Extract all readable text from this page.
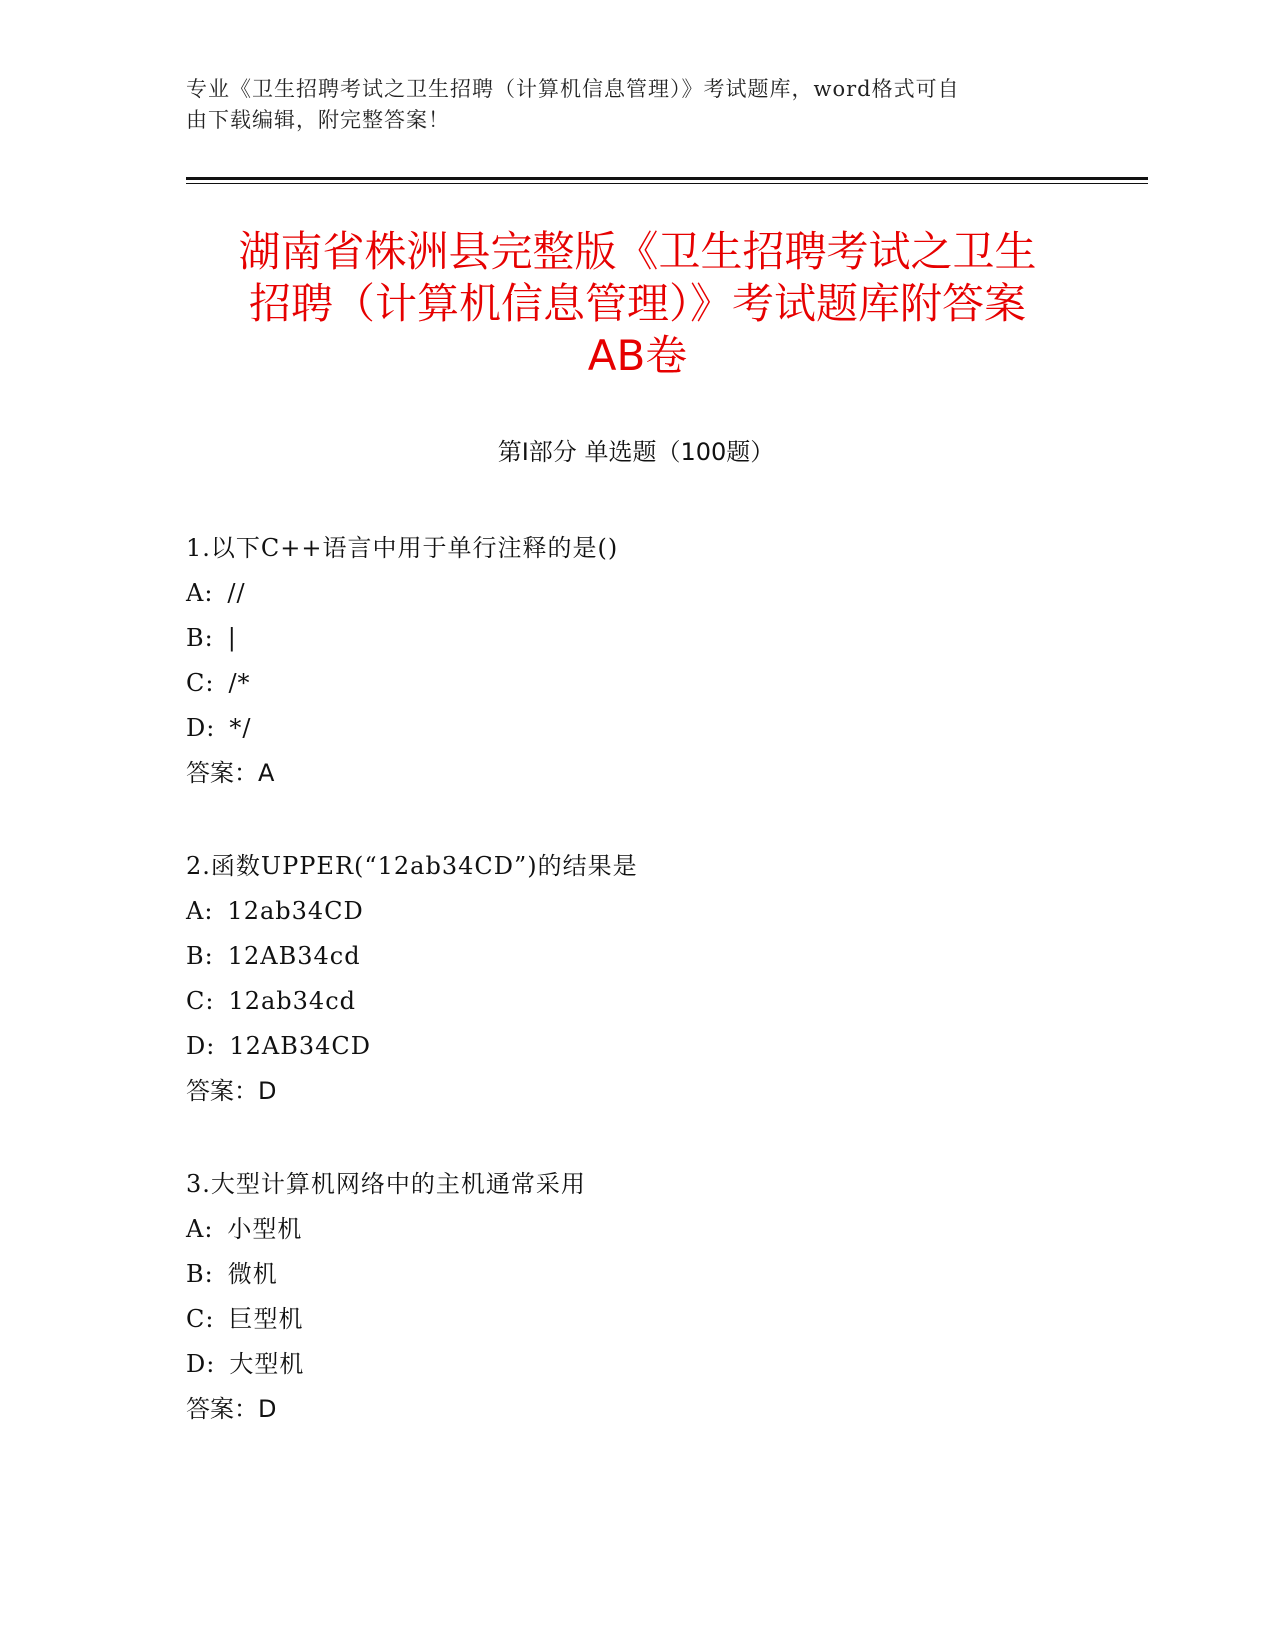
专业《卫生招聘考试之卫生招聘（计算机信息管理）》考试题库，word格式可自
由下载编辑，附完整答案！
湖南省株洲县完整版《卫生招聘考试之卫生
招聘（计算机信息管理）》考试题库附答案
AB卷
第Ⅰ部分 单选题（100题）
1.以下C++语言中用于单行注释的是()
A: //
B: |
C: /*
D: */
答案：A
2.函数UPPER(“12ab34CD”)的结果是
A: 12ab34CD
B: 12AB34cd
C: 12ab34cd
D: 12AB34CD
答案：D
3.大型计算机网络中的主机通常采用
A: 小型机
B: 微机
C: 巨型机
D: 大型机
答案：D
